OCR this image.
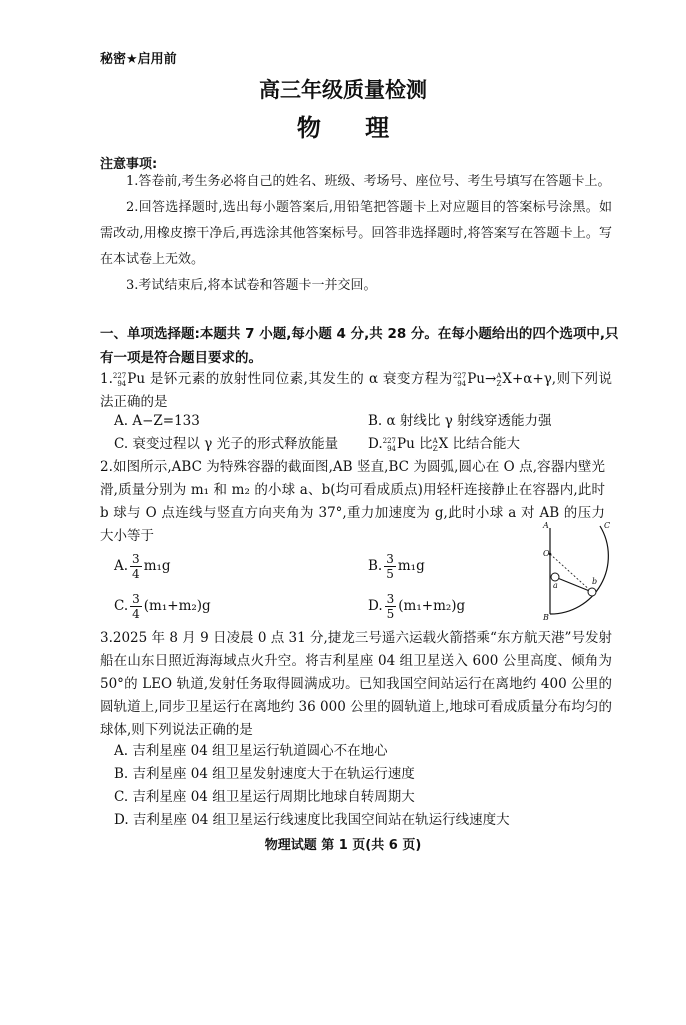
秘密★启用前
高三年级质量检测
物 理
注意事项:
1.答卷前,考生务必将自己的姓名、班级、考场号、座位号、考生号填写在答题卡上。
2.回答选择题时,选出每小题答案后,用铅笔把答题卡上对应题目的答案标号涂黑。如需改动,用橡皮擦干净后,再选涂其他答案标号。回答非选择题时,将答案写在答题卡上。写在本试卷上无效。
3.考试结束后,将本试卷和答题卡一并交回。
一、单项选择题:本题共 7 小题,每小题 4 分,共 28 分。在每小题给出的四个选项中,只有一项是符合题目要求的。
1. 227
94 Pu 是钚元素的放射性同位素,其发生的 α 衰变方程为 227
94 Pu→ A
Z X+α+γ,则下列说法正确的是
A. A−Z=133	B. α 射线比 γ 射线穿透能力强
C. 衰变过程以 γ 光子的形式释放能量 D. 227
94 Pu 比 A
Z X 比结合能大
2.如图所示,ABC 为特殊容器的截面图,AB 竖直,BC 为圆弧,圆心在 O 点,容器内壁光滑,质量分别为 m₁ 和 m₂ 的小球 a、b(均可看成质点)用轻杆连接静止在容器内,此时 b 球与 O 点连线与竖直方向夹角为 37°,重力加速度为 g,此时小球 a 对 AB 的压力大小等于
A. $\frac{3}{4} m_1g$	B. $\frac{3}{5} m_1g$
C. $\frac{3}{4} (m_1+m_2)g$	D. $\frac{3}{5} (m_1+m_2)g$
A
O
B
C
a	b
3.2025 年 8 月 9 日凌晨 0 点 31 分,捷龙三号遥六运载火箭搭乘“东方航天港”号发射船在山东日照近海海域点火升空。将吉利星座 04 组卫星送入 600 公里高度、倾角为 50°的 LEO 轨道,发射任务取得圆满成功。已知我国空间站运行在离地约 400 公里的圆轨道上,同步卫星运行在离地约 36 000 公里的圆轨道上,地球可看成质量分布均匀的球体,则下列说法正确的是
A. 吉利星座 04 组卫星运行轨道圆心不在地心
B. 吉利星座 04 组卫星发射速度大于在轨运行速度
C. 吉利星座 04 组卫星运行周期比地球自转周期大
D. 吉利星座 04 组卫星运行线速度比我国空间站在轨运行线速度大
物理试题 第 1 页(共 6 页)
